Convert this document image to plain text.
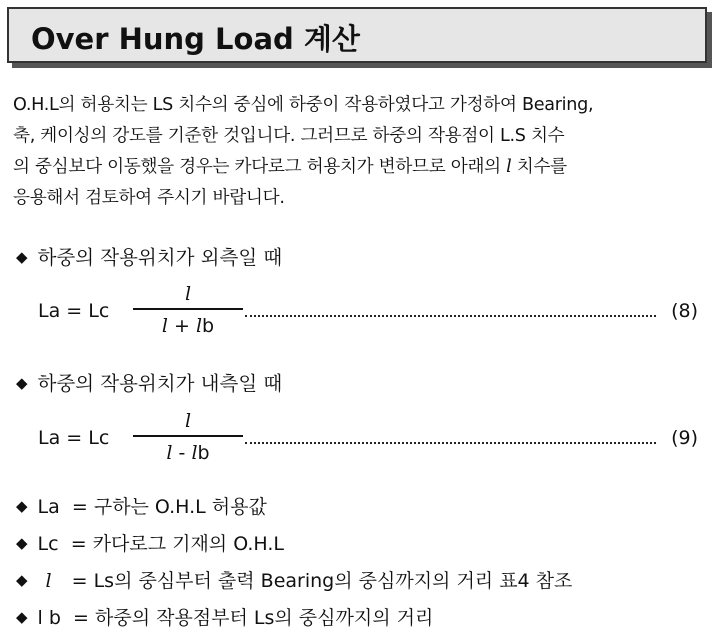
Over Hung Load 계산
O.H.L의 허용치는 LS 치수의 중심에 하중이 작용하였다고 가정하여 Bearing,
축, 케이싱의 강도를 기준한 것입니다. 그러므로 하중의 작용점이 L.S 치수
의 중심보다 이동했을 경우는 카다로그 허용치가 변하므로 아래의 l 치수를
응용해서 검토하여 주시기 바랍니다.
◆ 하중의 작용위치가 외측일 때
La = Lc
l
l + lb
(8)
◆ 하중의 작용위치가 내측일 때
La = Lc
l
l - lb
(9)
◆ La = 구하는 O.H.L 허용값
◆ Lc = 카다로그 기재의 O.H.L
◆ l = Ls의 중심부터 출력 Bearing의 중심까지의 거리 표4 참조
◆ l b = 하중의 작용점부터 Ls의 중심까지의 거리
